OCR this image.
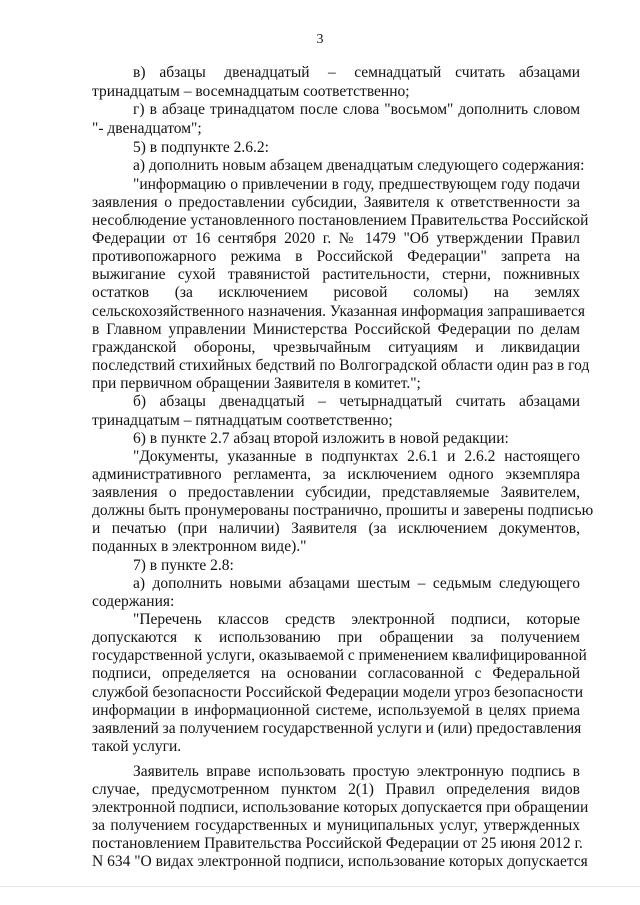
3
в)   абзацы    двенадцатый    –    семнадцатый   считать   абзацами
тринадцатым – восемнадцатым соответственно;
г) в абзаце тринадцатом после слова "восьмом" дополнить словом
"- двенадцатом";
5) в подпункте 2.6.2:
а) дополнить новым абзацем двенадцатым следующего содержания:
"информацию о привлечении в году, предшествующем году подачи
заявления о предоставлении субсидии, Заявителя к ответственности за
несоблюдение установленного постановлением Правительства Российской
Федерации от 16 сентября 2020 г. № 1479 "Об утверждении Правил
противопожарного режима в Российской Федерации" запрета на
выжигание сухой травянистой растительности, стерни, пожнивных
остатков (за исключением рисовой соломы) на землях
сельскохозяйственного назначения. Указанная информация запрашивается
в Главном управлении Министерства Российской Федерации по делам
гражданской обороны, чрезвычайным ситуациям и ликвидации
последствий стихийных бедствий по Волгоградской области один раз в год
при первичном обращении Заявителя в комитет.";
б) абзацы двенадцатый – четырнадцатый считать абзацами
тринадцатым – пятнадцатым соответственно;
6) в пункте 2.7 абзац второй изложить в новой редакции:
"Документы, указанные в подпунктах 2.6.1 и 2.6.2 настоящего
административного регламента, за исключением одного экземпляра
заявления о предоставлении субсидии, представляемые Заявителем,
должны быть пронумерованы постранично, прошиты и заверены подписью
и печатью (при наличии) Заявителя (за исключением документов,
поданных в электронном виде)."
7) в пункте 2.8:
а) дополнить новыми абзацами шестым – седьмым следующего
содержания:
"Перечень классов средств электронной подписи, которые
допускаются к использованию при обращении за получением
государственной услуги, оказываемой с применением квалифицированной
подписи, определяется на основании согласованной с Федеральной
службой безопасности Российской Федерации модели угроз безопасности
информации в информационной системе, используемой в целях приема
заявлений за получением государственной услуги и (или) предоставления
такой услуги.
Заявитель вправе использовать простую электронную подпись в
случае, предусмотренном пунктом 2(1) Правил определения видов
электронной подписи, использование которых допускается при обращении
за получением государственных и муниципальных услуг, утвержденных
постановлением Правительства Российской Федерации от 25 июня 2012 г.
N 634 "О видах электронной подписи, использование которых допускается
